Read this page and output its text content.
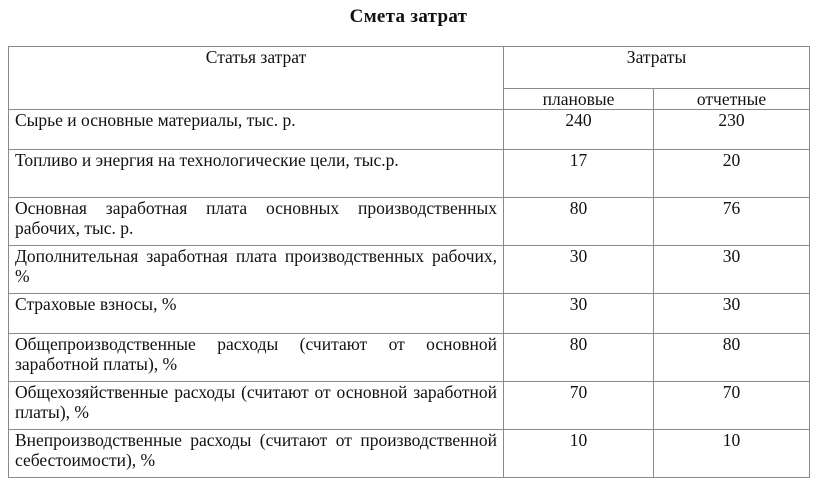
Смета затрат
Статья затрат	Затраты	
	плановые	отчетные
Сырье и основные материалы, тыс. р.	240	230
Топливо и энергия на технологические цели, тыс.р.	17	20
Основная заработная плата основных производственных рабочих, тыс. р.	80	76
Дополнительная заработная плата производственных рабочих, %	30	30
Страховые взносы, %	30	30
Общепроизводственные расходы (считают от основной заработной платы), %	80	80
Общехозяйственные расходы (считают от основной заработной платы), %	70	70
Внепроизводственные расходы (считают от производственной себестоимости), %	10	10
